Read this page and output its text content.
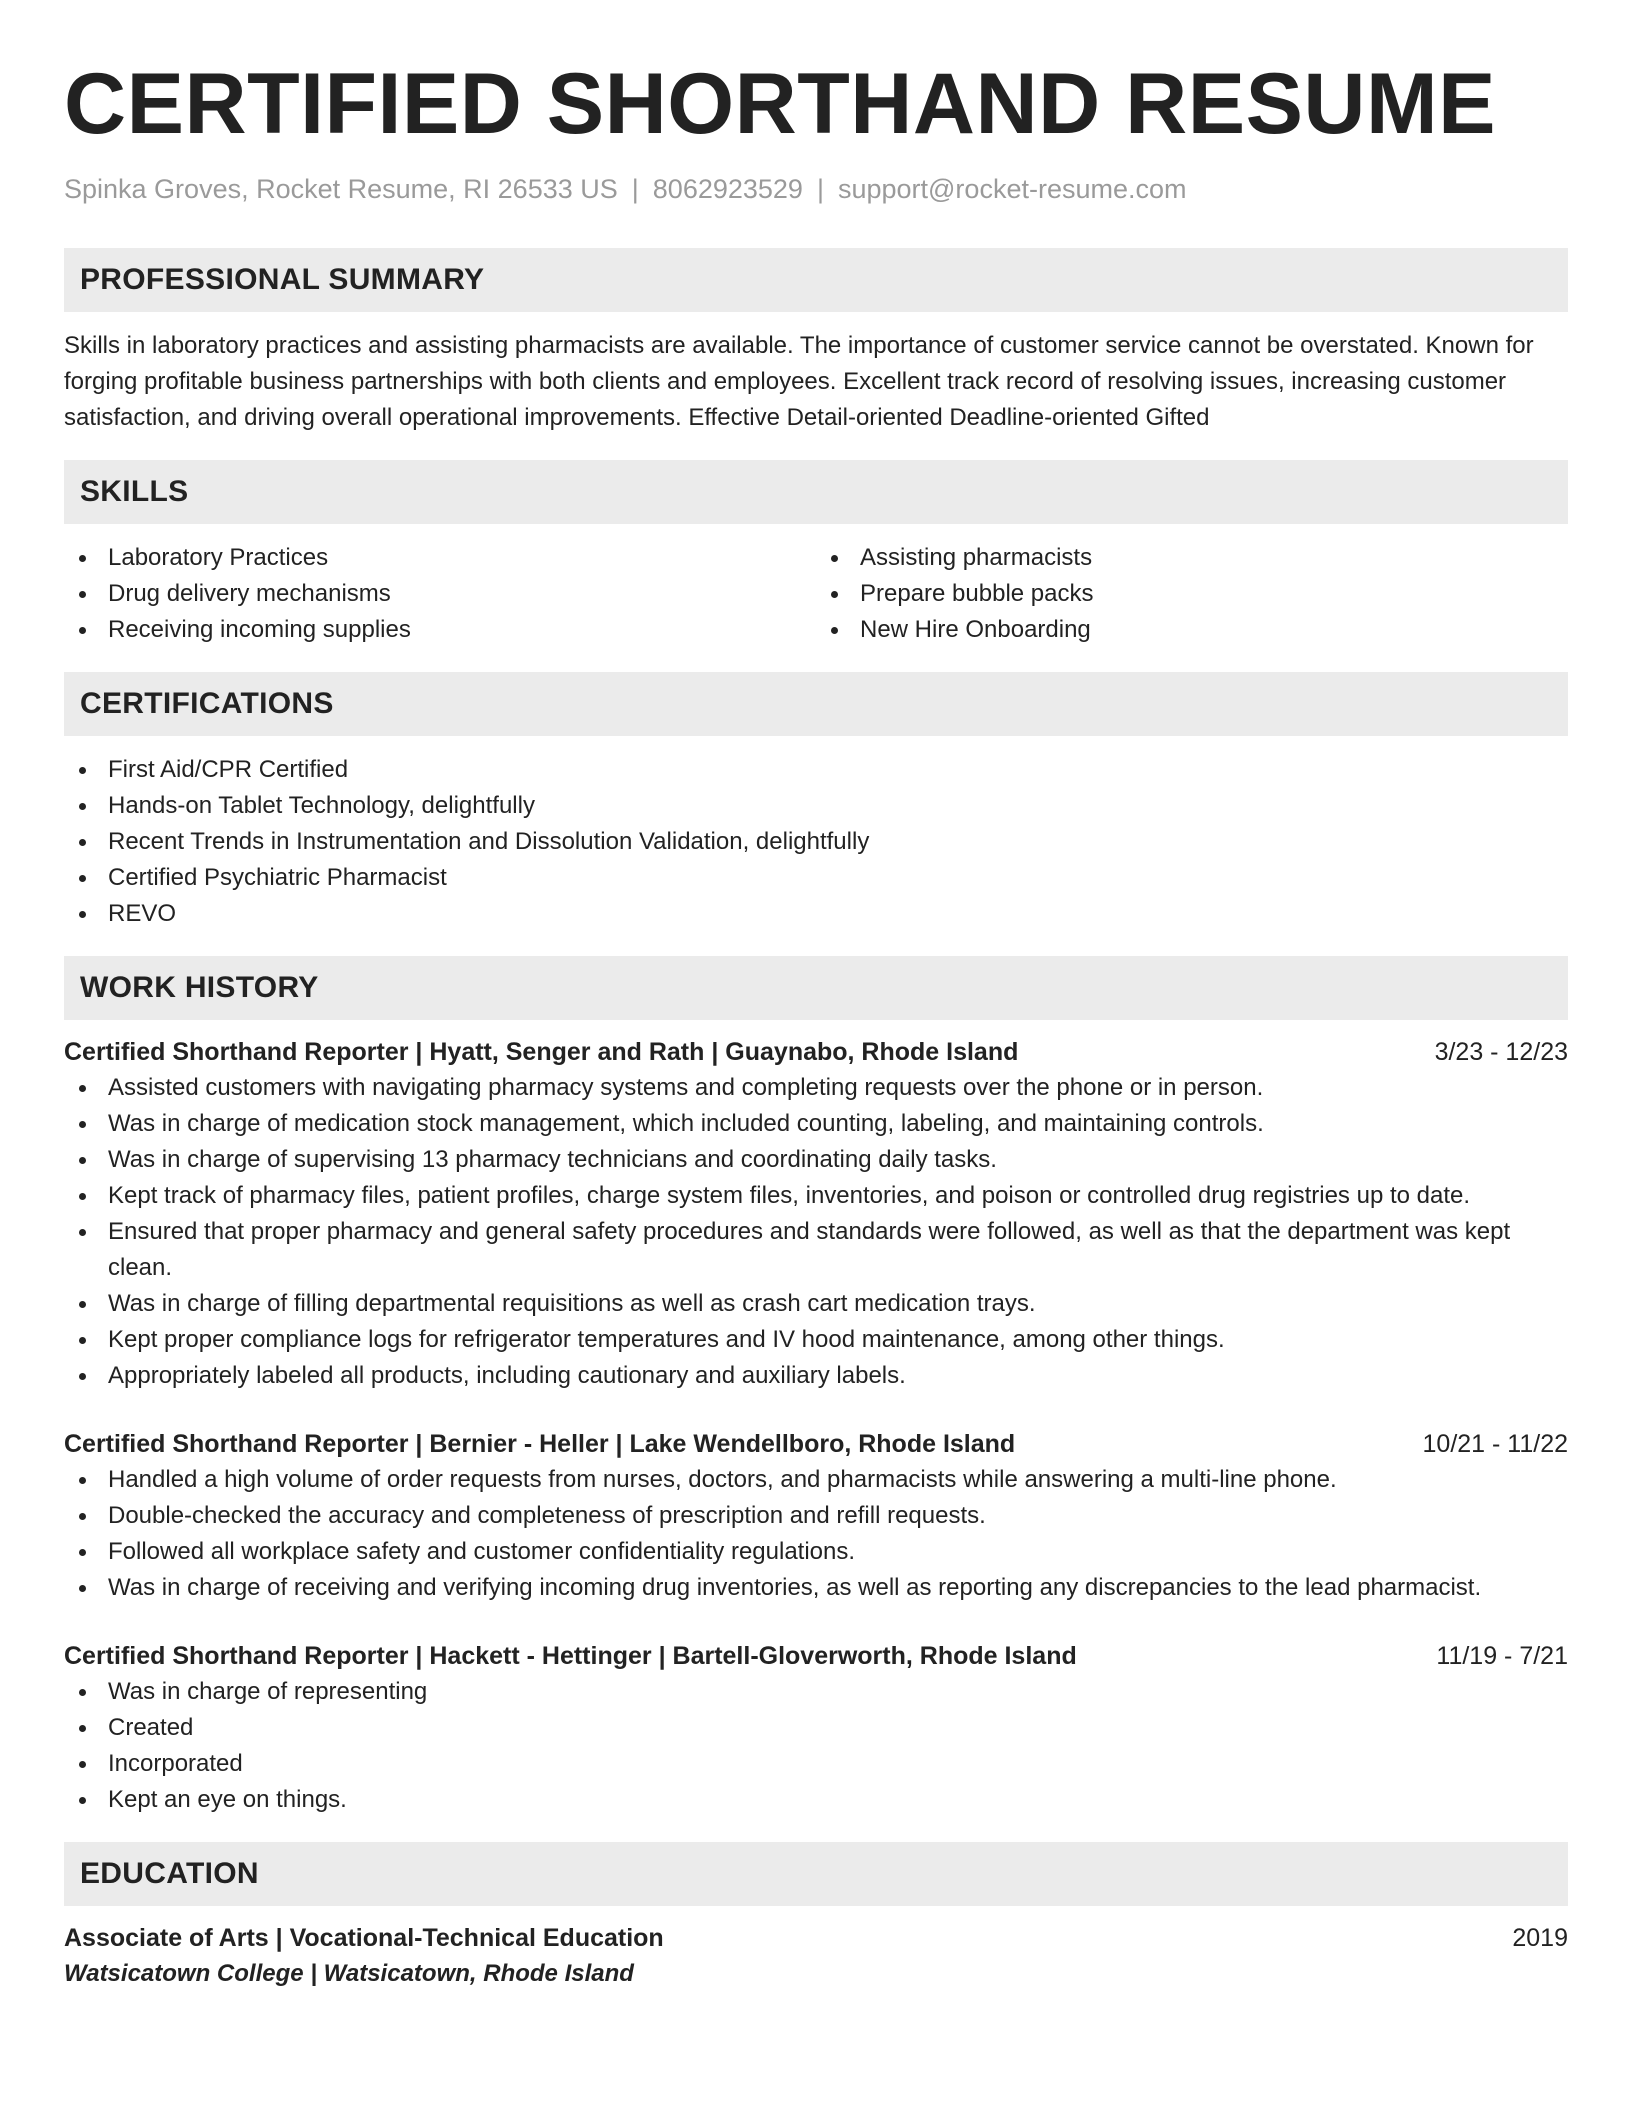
CERTIFIED SHORTHAND RESUME
Spinka Groves, Rocket Resume, RI 26533 US | 8062923529 | support@rocket-resume.com
PROFESSIONAL SUMMARY
Skills in laboratory practices and assisting pharmacists are available. The importance of customer service cannot be overstated. Known for forging profitable business partnerships with both clients and employees. Excellent track record of resolving issues, increasing customer satisfaction, and driving overall operational improvements. Effective Detail-oriented Deadline-oriented Gifted
SKILLS
Laboratory Practices
Drug delivery mechanisms
Receiving incoming supplies
Assisting pharmacists
Prepare bubble packs
New Hire Onboarding
CERTIFICATIONS
First Aid/CPR Certified
Hands-on Tablet Technology, delightfully
Recent Trends in Instrumentation and Dissolution Validation, delightfully
Certified Psychiatric Pharmacist
REVO
WORK HISTORY
Certified Shorthand Reporter | Hyatt, Senger and Rath | Guaynabo, Rhode Island	3/23 - 12/23
Assisted customers with navigating pharmacy systems and completing requests over the phone or in person.
Was in charge of medication stock management, which included counting, labeling, and maintaining controls.
Was in charge of supervising 13 pharmacy technicians and coordinating daily tasks.
Kept track of pharmacy files, patient profiles, charge system files, inventories, and poison or controlled drug registries up to date.
Ensured that proper pharmacy and general safety procedures and standards were followed, as well as that the department was kept clean.
Was in charge of filling departmental requisitions as well as crash cart medication trays.
Kept proper compliance logs for refrigerator temperatures and IV hood maintenance, among other things.
Appropriately labeled all products, including cautionary and auxiliary labels.
Certified Shorthand Reporter | Bernier - Heller | Lake Wendellboro, Rhode Island	10/21 - 11/22
Handled a high volume of order requests from nurses, doctors, and pharmacists while answering a multi-line phone.
Double-checked the accuracy and completeness of prescription and refill requests.
Followed all workplace safety and customer confidentiality regulations.
Was in charge of receiving and verifying incoming drug inventories, as well as reporting any discrepancies to the lead pharmacist.
Certified Shorthand Reporter | Hackett - Hettinger | Bartell-Gloverworth, Rhode Island	11/19 - 7/21
Was in charge of representing
Created
Incorporated
Kept an eye on things.
EDUCATION
Associate of Arts | Vocational-Technical Education	2019
Watsicatown College | Watsicatown, Rhode Island
